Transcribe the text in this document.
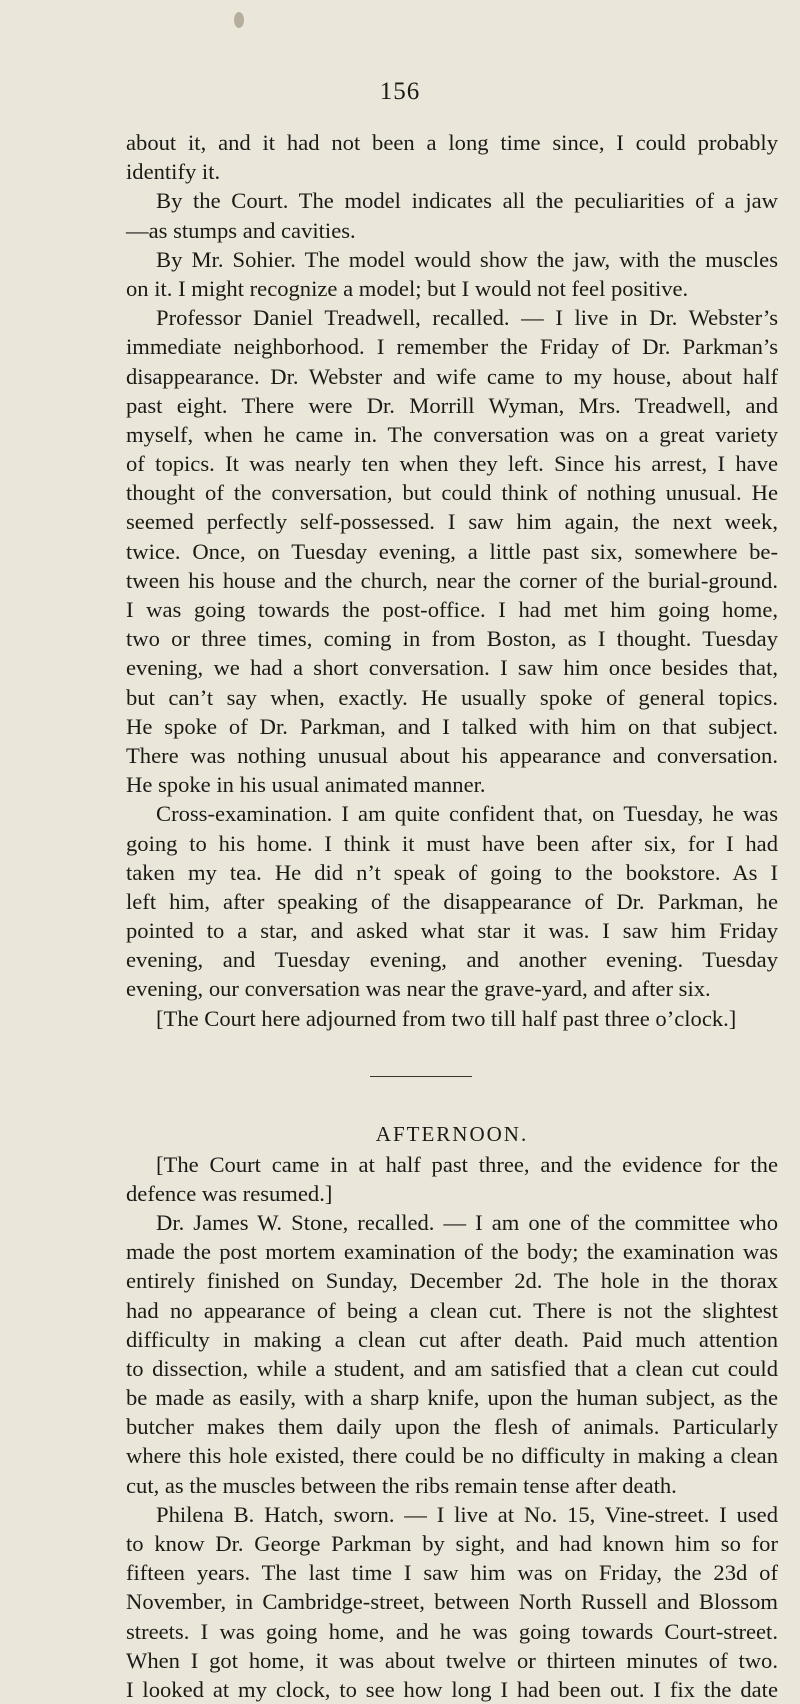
156
about it, and it had not been a long time since, I could probably
identify it.
By the Court. The model indicates all the peculiarities of a jaw
—as stumps and cavities.
By Mr. Sohier. The model would show the jaw, with the muscles
on it. I might recognize a model; but I would not feel positive.
Professor Daniel Treadwell, recalled. — I live in Dr. Webster’s
immediate neighborhood. I remember the Friday of Dr. Parkman’s
disappearance. Dr. Webster and wife came to my house, about half
past eight. There were Dr. Morrill Wyman, Mrs. Treadwell, and
myself, when he came in. The conversation was on a great variety
of topics. It was nearly ten when they left. Since his arrest, I have
thought of the conversation, but could think of nothing unusual. He
seemed perfectly self-possessed. I saw him again, the next week,
twice. Once, on Tuesday evening, a little past six, somewhere be-
tween his house and the church, near the corner of the burial-ground.
I was going towards the post-office. I had met him going home,
two or three times, coming in from Boston, as I thought. Tuesday
evening, we had a short conversation. I saw him once besides that,
but can’t say when, exactly. He usually spoke of general topics.
He spoke of Dr. Parkman, and I talked with him on that subject.
There was nothing unusual about his appearance and conversation.
He spoke in his usual animated manner.
Cross-examination. I am quite confident that, on Tuesday, he was
going to his home. I think it must have been after six, for I had
taken my tea. He did n’t speak of going to the bookstore. As I
left him, after speaking of the disappearance of Dr. Parkman, he
pointed to a star, and asked what star it was. I saw him Friday
evening, and Tuesday evening, and another evening. Tuesday
evening, our conversation was near the grave-yard, and after six.
[The Court here adjourned from two till half past three o’clock.]
AFTERNOON.
[The Court came in at half past three, and the evidence for the
defence was resumed.]
Dr. James W. Stone, recalled. — I am one of the committee who
made the post mortem examination of the body; the examination was
entirely finished on Sunday, December 2d. The hole in the thorax
had no appearance of being a clean cut. There is not the slightest
difficulty in making a clean cut after death. Paid much attention
to dissection, while a student, and am satisfied that a clean cut could
be made as easily, with a sharp knife, upon the human subject, as the
butcher makes them daily upon the flesh of animals. Particularly
where this hole existed, there could be no difficulty in making a clean
cut, as the muscles between the ribs remain tense after death.
Philena B. Hatch, sworn. — I live at No. 15, Vine-street. I used
to know Dr. George Parkman by sight, and had known him so for
fifteen years. The last time I saw him was on Friday, the 23d of
November, in Cambridge-street, between North Russell and Blossom
streets. I was going home, and he was going towards Court-street.
When I got home, it was about twelve or thirteen minutes of two.
I looked at my clock, to see how long I had been out. I fix the date
